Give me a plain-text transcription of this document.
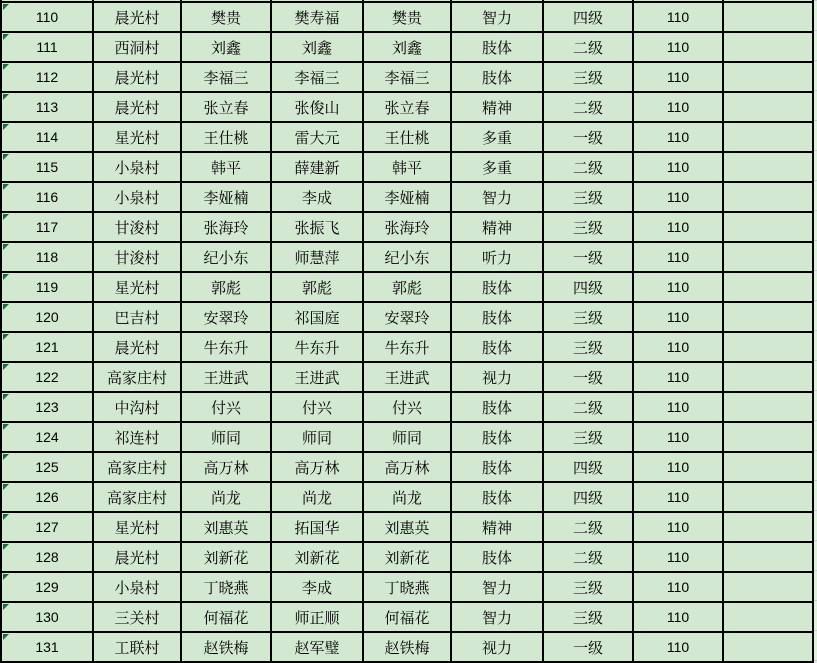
110	晨光村	樊贵	樊寿福	樊贵	智力	四级	110	

111	西洞村	刘鑫	刘鑫	刘鑫	肢体	二级	110	

112	晨光村	李福三	李福三	李福三	肢体	三级	110	

113	晨光村	张立春	张俊山	张立春	精神	二级	110	

114	星光村	王仕桃	雷大元	王仕桃	多重	一级	110	

115	小泉村	韩平	薛建新	韩平	多重	二级	110	

116	小泉村	李娅楠	李成	李娅楠	智力	三级	110	

117	甘浚村	张海玲	张振飞	张海玲	精神	三级	110	

118	甘浚村	纪小东	师慧萍	纪小东	听力	一级	110	

119	星光村	郭彪	郭彪	郭彪	肢体	四级	110	

120	巴吉村	安翠玲	祁国庭	安翠玲	肢体	三级	110	

121	晨光村	牛东升	牛东升	牛东升	肢体	三级	110	

122	高家庄村	王进武	王进武	王进武	视力	一级	110	

123	中沟村	付兴	付兴	付兴	肢体	二级	110	

124	祁连村	师同	师同	师同	肢体	三级	110	

125	高家庄村	高万林	高万林	高万林	肢体	四级	110	

126	高家庄村	尚龙	尚龙	尚龙	肢体	四级	110	

127	星光村	刘惠英	拓国华	刘惠英	精神	二级	110	

128	晨光村	刘新花	刘新花	刘新花	肢体	二级	110	

129	小泉村	丁晓燕	李成	丁晓燕	智力	三级	110	

130	三关村	何福花	师正顺	何福花	智力	三级	110	

131	工联村	赵铁梅	赵军璧	赵铁梅	视力	一级	110	
